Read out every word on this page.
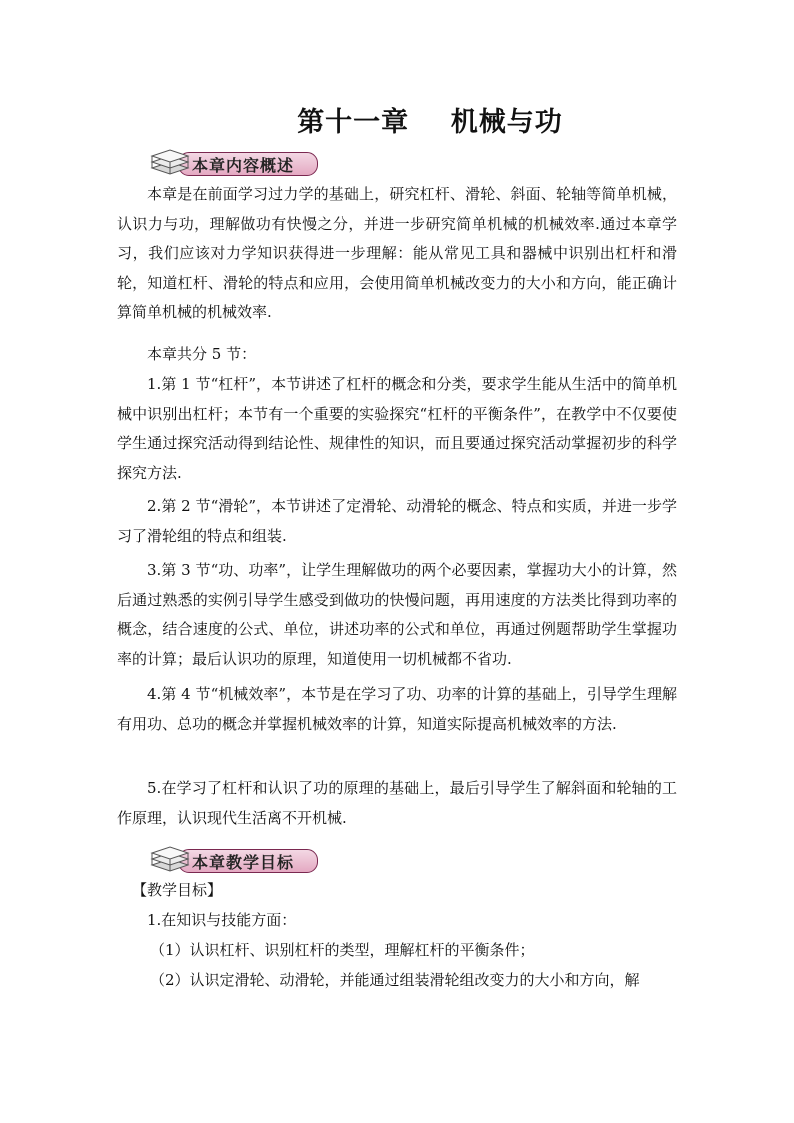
第十一章    机械与功
本章内容概述

本章是在前面学习过力学的基础上，研究杠杆、滑轮、斜面、轮轴等简单机械，认识力与功，理解做功有快慢之分，并进一步研究简单机械的机械效率.通过本章学习，我们应该对力学知识获得进一步理解：能从常见工具和器械中识别出杠杆和滑轮，知道杠杆、滑轮的特点和应用，会使用简单机械改变力的大小和方向，能正确计算简单机械的机械效率.

本章共分 5 节：

1.第 1 节“杠杆”，本节讲述了杠杆的概念和分类，要求学生能从生活中的简单机械中识别出杠杆；本节有一个重要的实验探究“杠杆的平衡条件”，在教学中不仅要使学生通过探究活动得到结论性、规律性的知识，而且要通过探究活动掌握初步的科学探究方法.

2.第 2 节“滑轮”，本节讲述了定滑轮、动滑轮的概念、特点和实质，并进一步学习了滑轮组的特点和组装.

3.第 3 节“功、功率”，让学生理解做功的两个必要因素，掌握功大小的计算，然后通过熟悉的实例引导学生感受到做功的快慢问题，再用速度的方法类比得到功率的概念，结合速度的公式、单位，讲述功率的公式和单位，再通过例题帮助学生掌握功率的计算；最后认识功的原理，知道使用一切机械都不省功.

4.第 4 节“机械效率”，本节是在学习了功、功率的计算的基础上，引导学生理解有用功、总功的概念并掌握机械效率的计算，知道实际提高机械效率的方法.

5.在学习了杠杆和认识了功的原理的基础上，最后引导学生了解斜面和轮轴的工作原理，认识现代生活离不开机械.

本章教学目标

【教学目标】

1.在知识与技能方面：

（1）认识杠杆、识别杠杆的类型，理解杠杆的平衡条件；

（2）认识定滑轮、动滑轮，并能通过组装滑轮组改变力的大小和方向，解
